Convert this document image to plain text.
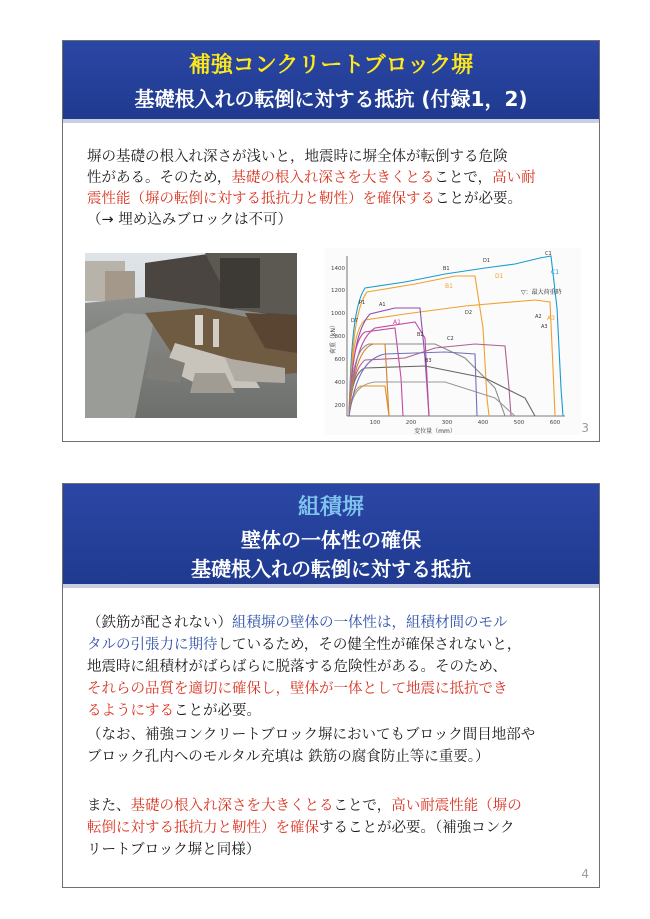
補強コンクリートブロック塀
基礎根入れの転倒に対する抵抗 (付録1，2)
塀の基礎の根入れ深さが浅いと，地震時に塀全体が転倒する危険
性がある。そのため，基礎の根入れ深さを大きくとることで，高い耐
震性能（塀の転倒に対する抵抗力と靭性）を確保することが必要。
（→ 埋め込みブロックは不可）
1400
1200
1000
800
600
400
200
100	200	300	400	500	600
荷重（kN）
変位量（mm）
C1
C1
D1
D1
B1
B1
D2
A1
A1
P1
B2
C2
A2
A3
A3
B3
D7
▽：最大荷重時
3
組積塀
壁体の一体性の確保
基礎根入れの転倒に対する抵抗
（鉄筋が配されない）組積塀の壁体の一体性は，組積材間のモル
タルの引張力に期待しているため，その健全性が確保されないと，
地震時に組積材がばらばらに脱落する危険性がある。そのため、
それらの品質を適切に確保し，壁体が一体として地震に抵抗でき
るようにすることが必要。
（なお、補強コンクリートブロック塀においてもブロック間目地部や
ブロック孔内へのモルタル充填は 鉄筋の腐食防止等に重要。）
また、基礎の根入れ深さを大きくとることで，高い耐震性能（塀の
転倒に対する抵抗力と靭性）を確保することが必要。（補強コンク
リートブロック塀と同様）
4
